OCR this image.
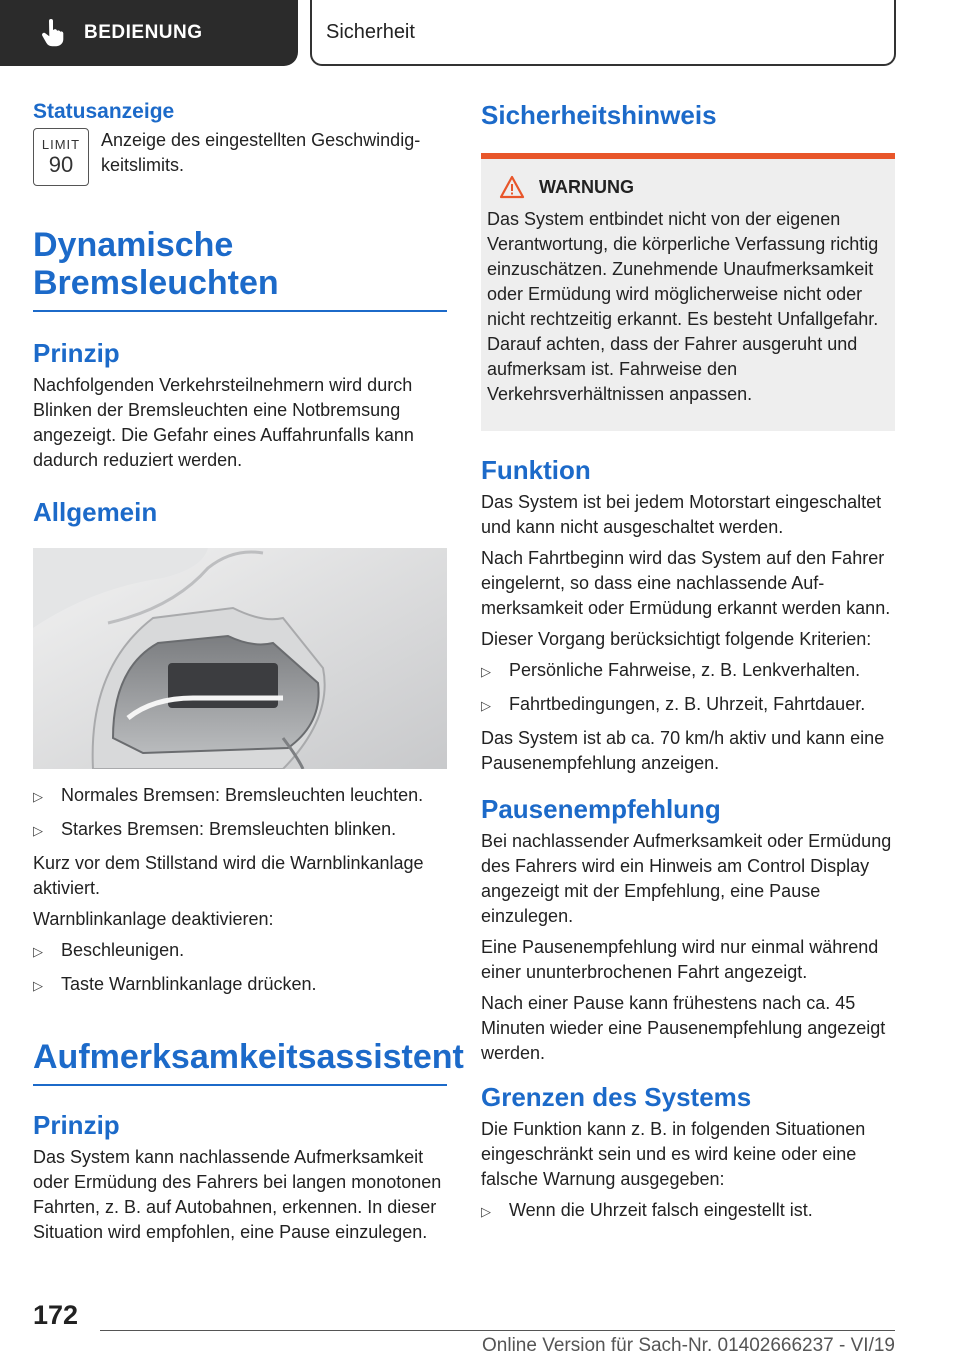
BEDIENUNG	Sicherheit
Statusanzeige
LIMIT
90

Anzeige des eingestellten Geschwindigkeitslimits.

Dynamische Bremsleuchten
Prinzip

Nachfolgenden Verkehrsteilnehmern wird durch Blinken der Bremsleuchten eine Notbremsung angezeigt. Die Gefahr eines Auffahrunfalls kann dadurch reduziert werden.

Allgemein
▷	Normales Bremsen: Bremsleuchten leuchten.
▷	Starkes Bremsen: Bremsleuchten blinken.

Kurz vor dem Stillstand wird die Warnblinkanlage aktiviert.

Warnblinkanlage deaktivieren:

▷	Beschleunigen.
▷	Taste Warnblinkanlage drücken.
Aufmerksamkeitsassistent
Prinzip

Das System kann nachlassende Aufmerksamkeit oder Ermüdung des Fahrers bei langen monotonen Fahrten, z. B. auf Autobahnen, erkennen. In dieser Situation wird empfohlen, eine Pause einzulegen.

Sicherheitshinweis
WARNUNG

Das System entbindet nicht von der eigenen Verantwortung, die körperliche Verfassung richtig einzuschätzen. Zunehmende Unaufmerksamkeit oder Ermüdung wird möglicherweise nicht oder nicht rechtzeitig erkannt. Es besteht Unfallgefahr. Darauf achten, dass der Fahrer ausgeruht und aufmerksam ist. Fahrweise den Verkehrsverhältnissen anpassen.

Funktion

Das System ist bei jedem Motorstart eingeschaltet und kann nicht ausgeschaltet werden.

Nach Fahrtbeginn wird das System auf den Fahrer eingelernt, so dass eine nachlassende Aufmerksamkeit oder Ermüdung erkannt werden kann.

Dieser Vorgang berücksichtigt folgende Kriterien:

▷	Persönliche Fahrweise, z. B. Lenkverhalten.
▷	Fahrtbedingungen, z. B. Uhrzeit, Fahrtdauer.

Das System ist ab ca. 70 km/h aktiv und kann eine Pausenempfehlung anzeigen.

Pausenempfehlung

Bei nachlassender Aufmerksamkeit oder Ermüdung des Fahrers wird ein Hinweis am Control Display angezeigt mit der Empfehlung, eine Pause einzulegen.

Eine Pausenempfehlung wird nur einmal während einer ununterbrochenen Fahrt angezeigt.

Nach einer Pause kann frühestens nach ca. 45 Minuten wieder eine Pausenempfehlung angezeigt werden.

Grenzen des Systems

Die Funktion kann z. B. in folgenden Situationen eingeschränkt sein und es wird keine oder eine falsche Warnung ausgegeben:

▷	Wenn die Uhrzeit falsch eingestellt ist.
172
Online Version für Sach-Nr. 01402666237 - VI/19
